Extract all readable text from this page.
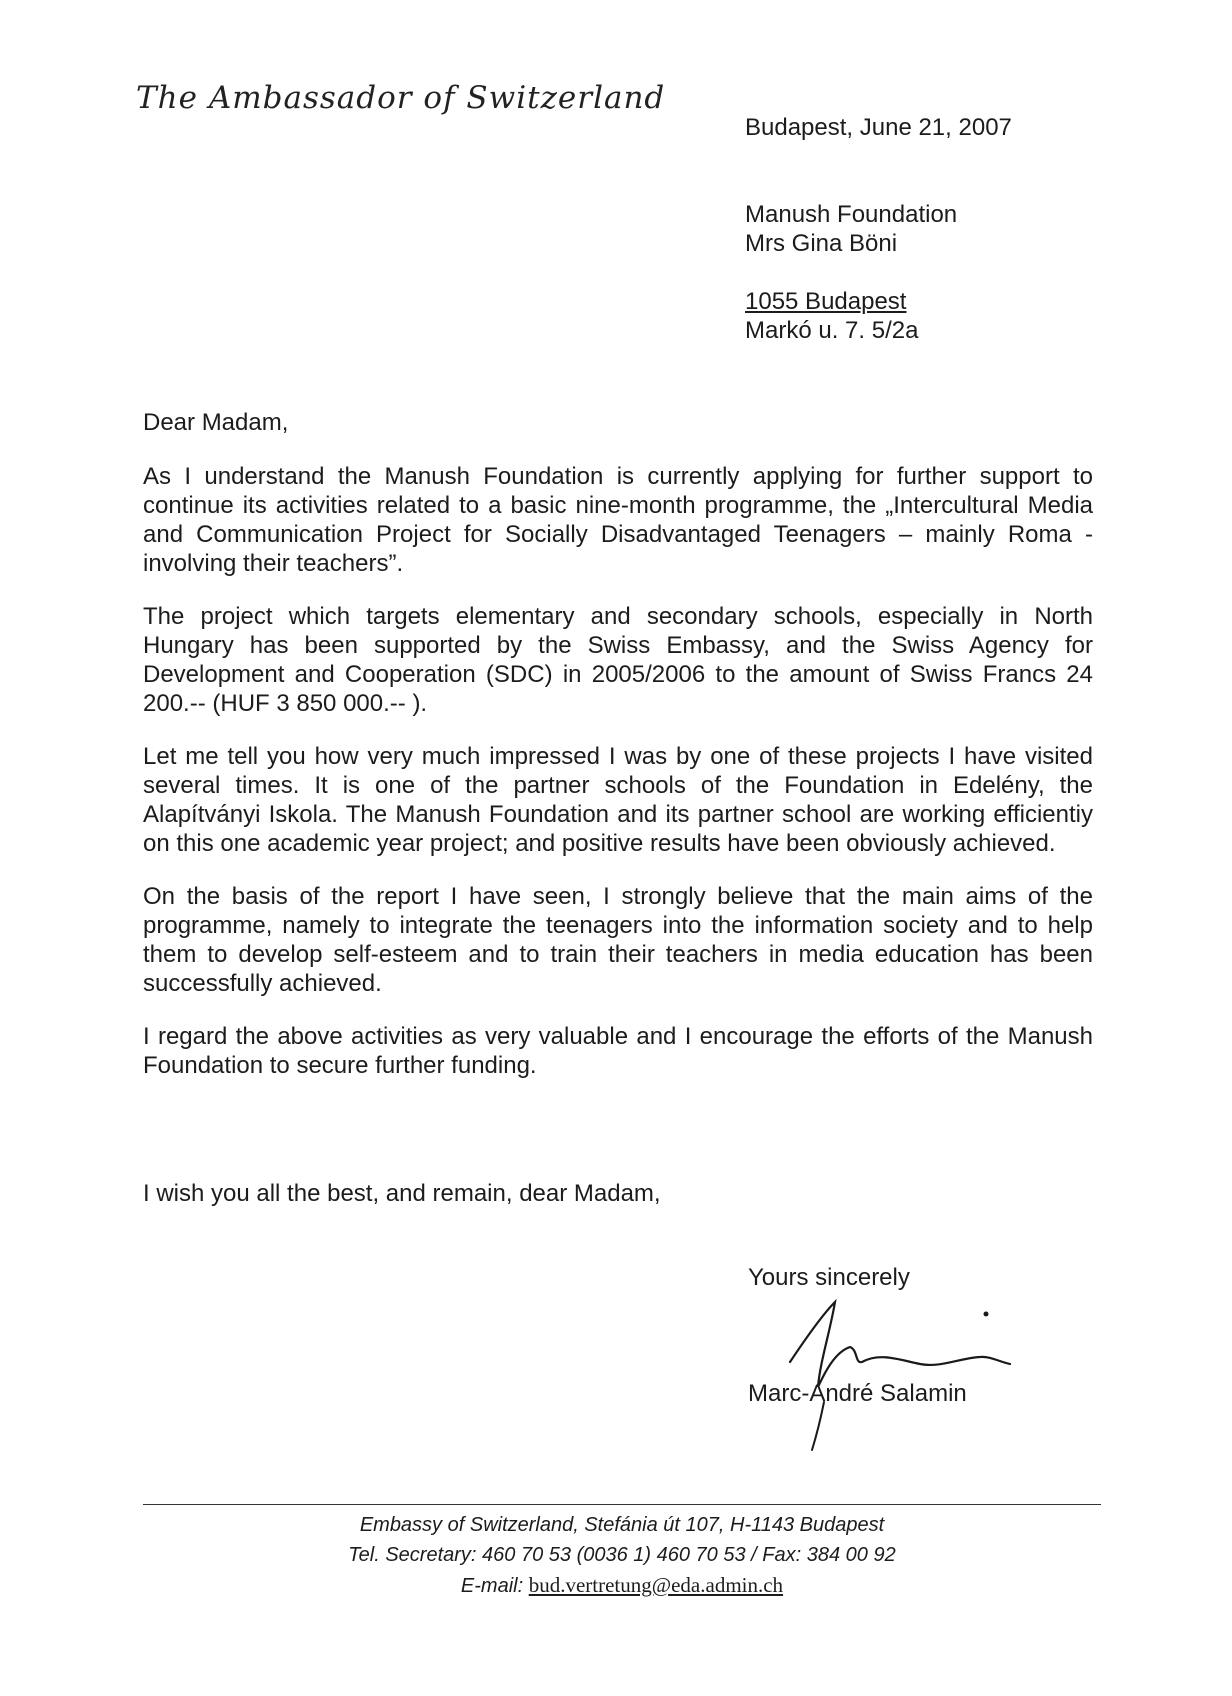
The Ambassador of Switzerland
Budapest, June 21, 2007
Manush Foundation
Mrs Gina Böni
1055 Budapest
Markó u. 7. 5/2a

Dear Madam,

As I understand the Manush Foundation is currently applying for further support to continue its activities related to a basic nine-month programme, the „Intercultural Media and Communication Project for Socially Disadvantaged Teenagers – mainly Roma - involving their teachers”.

The project which targets elementary and secondary schools, especially in North Hungary has been supported by the Swiss Embassy, and the Swiss Agency for Development and Cooperation (SDC) in 2005/2006 to the amount of Swiss Francs 24 200.-- (HUF 3 850 000.-- ).

Let me tell you how very much impressed I was by one of these projects I have visited several times. It is one of the partner schools of the Foundation in Edelény, the Alapítványi Iskola. The Manush Foundation and its partner school are working efficientiy on this one academic year project; and positive results have been obviously achieved.

On the basis of the report I have seen, I strongly believe that the main aims of the programme, namely to integrate the teenagers into the information society and to help them to develop self-esteem and to train their teachers in media education has been successfully achieved.

I regard the above activities as very valuable and I encourage the efforts of the Manush Foundation to secure further funding.

I wish you all the best, and remain, dear Madam,
Yours sincerely
Marc-André Salamin
Embassy of Switzerland, Stefánia út 107, H-1143 Budapest
Tel. Secretary: 460 70 53 (0036 1) 460 70 53 / Fax: 384 00 92
E-mail: bud.vertretung@eda.admin.ch
